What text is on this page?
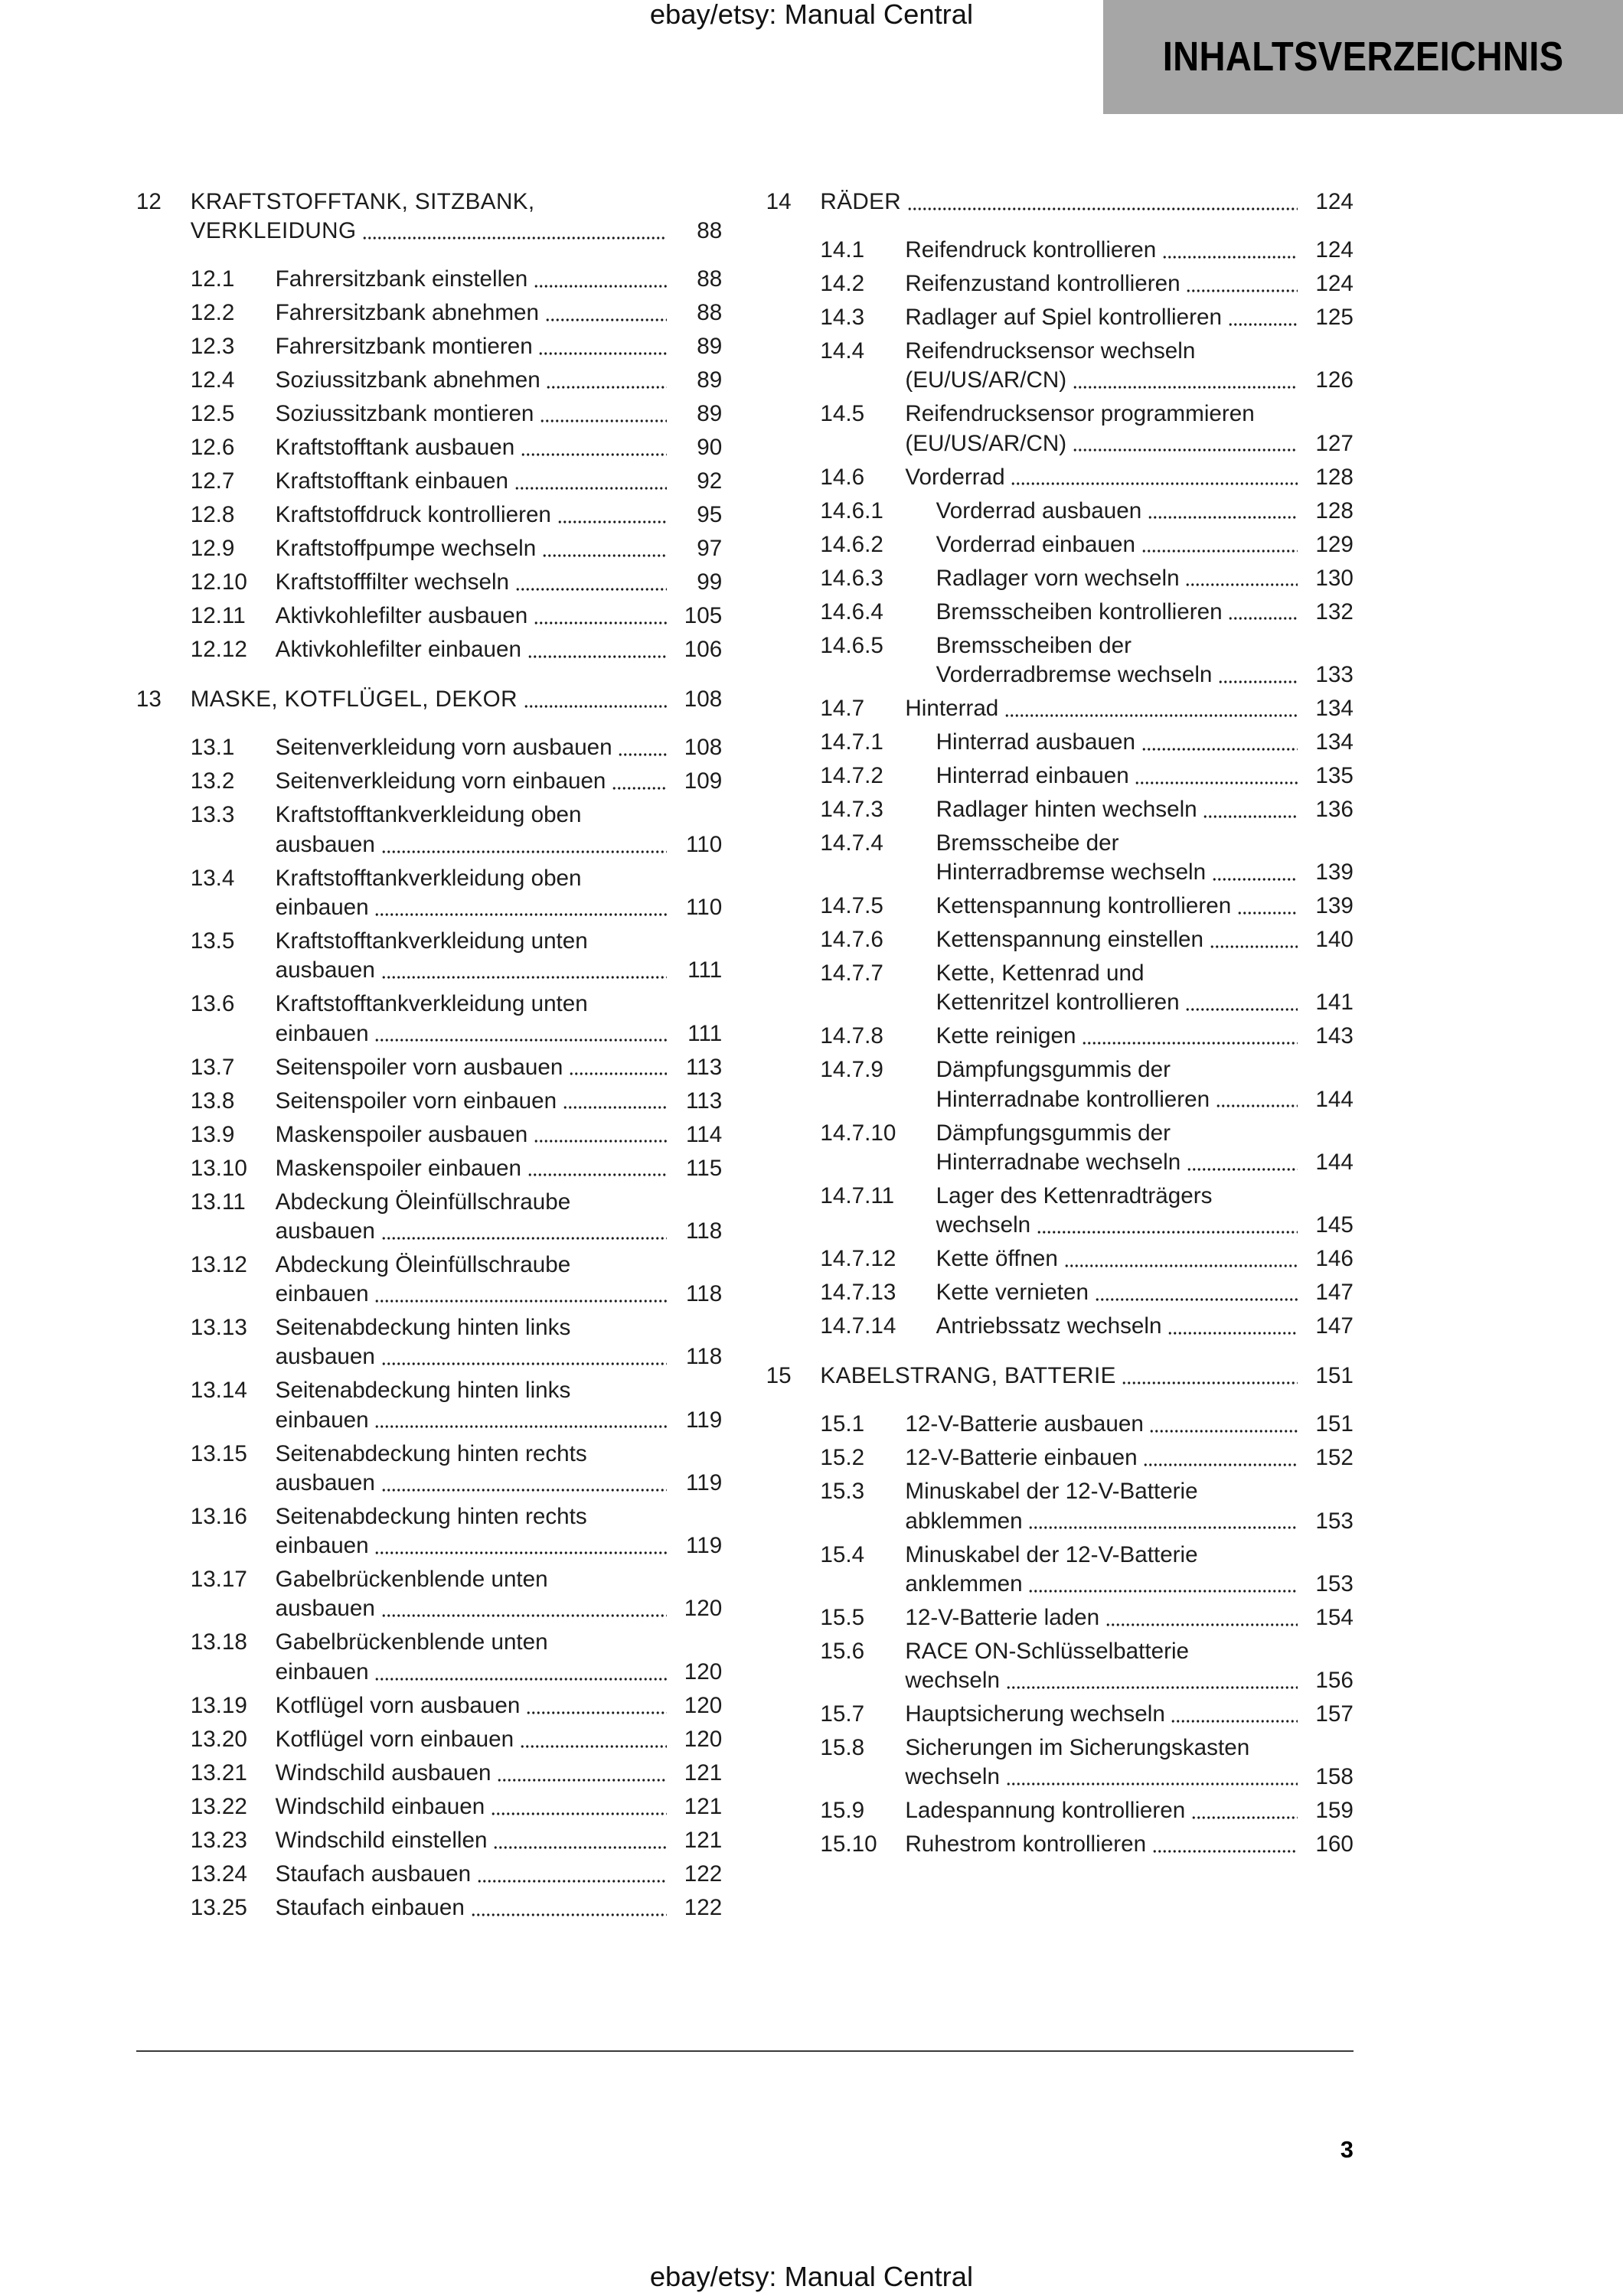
ebay/etsy: Manual Central
INHALTSVERZEICHNIS
12 KRAFTSTOFFTANK, SITZBANK,
VERKLEIDUNG	88
12.1	Fahrersitzbank einstellen	88
12.2	Fahrersitzbank abnehmen	88
12.3	Fahrersitzbank montieren	89
12.4	Soziussitzbank abnehmen	89
12.5	Soziussitzbank montieren	89
12.6	Kraftstofftank ausbauen	90
12.7	Kraftstofftank einbauen	92
12.8	Kraftstoffdruck kontrollieren	95
12.9	Kraftstoffpumpe wechseln	97
12.10 Kraftstofffilter wechseln	99
12.11	Aktivkohlefilter ausbauen	105
12.12 Aktivkohlefilter einbauen	106
13 MASKE, KOTFLÜGEL, DEKOR	108
13.1	Seitenverkleidung vorn ausbauen	108
13.2	Seitenverkleidung vorn einbauen	109
13.3	Kraftstofftankverkleidung oben
ausbauen	110
13.4	Kraftstofftankverkleidung oben
einbauen	110
13.5	Kraftstofftankverkleidung unten
ausbauen	111
13.6	Kraftstofftankverkleidung unten
einbauen	111
13.7	Seitenspoiler vorn ausbauen	113
13.8	Seitenspoiler vorn einbauen	113
13.9	Maskenspoiler ausbauen	114
13.10 Maskenspoiler einbauen	115
13.11	Abdeckung Öleinfüllschraube
ausbauen	118
13.12 Abdeckung Öleinfüllschraube
einbauen	118
13.13 Seitenabdeckung hinten links
ausbauen	118
13.14 Seitenabdeckung hinten links
einbauen	119
13.15 Seitenabdeckung hinten rechts
ausbauen	119
13.16 Seitenabdeckung hinten rechts
einbauen	119
13.17 Gabelbrückenblende unten
ausbauen	120
13.18 Gabelbrückenblende unten
einbauen	120
13.19 Kotflügel vorn ausbauen	120
13.20 Kotflügel vorn einbauen	120
13.21 Windschild ausbauen	121
13.22 Windschild einbauen	121
13.23 Windschild einstellen	121
13.24 Staufach ausbauen	122
13.25 Staufach einbauen	122
14 RÄDER	124
14.1	Reifendruck kontrollieren	124
14.2	Reifenzustand kontrollieren	124
14.3	Radlager auf Spiel kontrollieren	125
14.4	Reifendrucksensor wechseln
(EU/US/AR/CN)	126
14.5	Reifendrucksensor programmieren
(EU/US/AR/CN)	127
14.6	Vorderrad	128
14.6.1	Vorderrad ausbauen	128
14.6.2	Vorderrad einbauen	129
14.6.3	Radlager vorn wechseln	130
14.6.4	Bremsscheiben kontrollieren	132
14.6.5	Bremsscheiben der
Vorderradbremse wechseln	133
14.7	Hinterrad	134
14.7.1	Hinterrad ausbauen	134
14.7.2	Hinterrad einbauen	135
14.7.3	Radlager hinten wechseln	136
14.7.4	Bremsscheibe der
Hinterradbremse wechseln	139
14.7.5	Kettenspannung kontrollieren	139
14.7.6	Kettenspannung einstellen	140
14.7.7	Kette, Kettenrad und
Kettenritzel kontrollieren	141
14.7.8	Kette reinigen	143
14.7.9	Dämpfungsgummis der
Hinterradnabe kontrollieren	144
14.7.10	Dämpfungsgummis der
Hinterradnabe wechseln	144
14.7.11	Lager des Kettenradträgers
wechseln	145
14.7.12	Kette öffnen	146
14.7.13	Kette vernieten	147
14.7.14	Antriebssatz wechseln	147
15 KABELSTRANG, BATTERIE	151
15.1	12-V-Batterie ausbauen	151
15.2	12-V-Batterie einbauen	152
15.3	Minuskabel der 12-V-Batterie
abklemmen	153
15.4	Minuskabel der 12-V-Batterie
anklemmen	153
15.5	12-V-Batterie laden	154
15.6	RACE ON-Schlüsselbatterie
wechseln	156
15.7	Hauptsicherung wechseln	157
15.8	Sicherungen im Sicherungskasten
wechseln	158
15.9	Ladespannung kontrollieren	159
15.10 Ruhestrom kontrollieren	160
3
ebay/etsy: Manual Central
